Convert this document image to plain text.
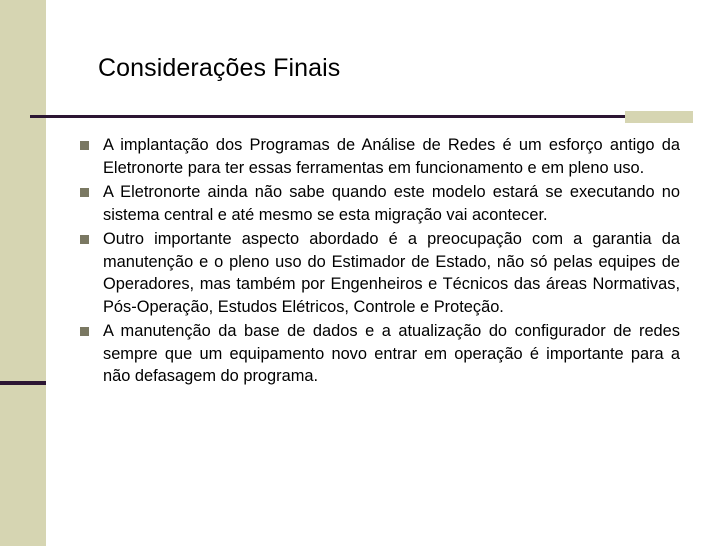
Considerações Finais
A implantação dos Programas de Análise de Redes é um esforço antigo da Eletronorte para ter essas ferramentas em funcionamento e em pleno uso.
A Eletronorte ainda não sabe quando este modelo estará se executando no sistema central e até mesmo se esta migração vai acontecer.
Outro importante aspecto abordado é a preocupação com a garantia da manutenção e o pleno uso do Estimador de Estado, não só pelas equipes de Operadores, mas também por Engenheiros e Técnicos das áreas Normativas, Pós-Operação, Estudos Elétricos, Controle e Proteção.
A manutenção da base de dados e a atualização do configurador de redes sempre que um equipamento novo entrar em operação é importante para a não defasagem do programa.
